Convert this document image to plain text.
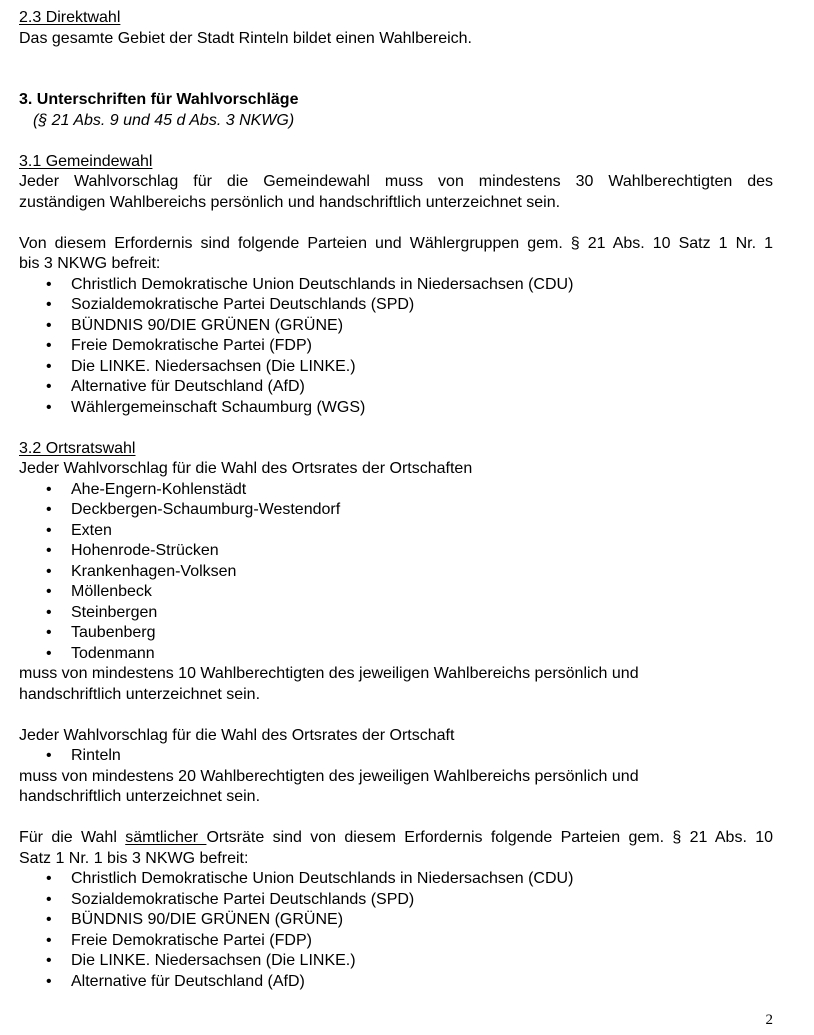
2.3 Direktwahl
Das gesamte Gebiet der Stadt Rinteln bildet einen Wahlbereich.
3. Unterschriften für Wahlvorschläge
(§ 21 Abs. 9 und 45 d Abs. 3 NKWG)
3.1 Gemeindewahl
Jeder Wahlvorschlag für die Gemeindewahl muss von mindestens 30 Wahlberechtigten des
zuständigen Wahlbereichs persönlich und handschriftlich unterzeichnet sein.
Von diesem Erfordernis sind folgende Parteien und Wählergruppen gem. § 21 Abs. 10 Satz 1 Nr. 1
bis 3 NKWG befreit:
•	Christlich Demokratische Union Deutschlands in Niedersachsen (CDU)
•	Sozialdemokratische Partei Deutschlands (SPD)
•	BÜNDNIS 90/DIE GRÜNEN (GRÜNE)
•	Freie Demokratische Partei (FDP)
•	Die LINKE. Niedersachsen (Die LINKE.)
•	Alternative für Deutschland (AfD)
•	Wählergemeinschaft Schaumburg (WGS)
3.2 Ortsratswahl
Jeder Wahlvorschlag für die Wahl des Ortsrates der Ortschaften
•	Ahe-Engern-Kohlenstädt
•	Deckbergen-Schaumburg-Westendorf
•	Exten
•	Hohenrode-Strücken
•	Krankenhagen-Volksen
•	Möllenbeck
•	Steinbergen
•	Taubenberg
•	Todenmann
muss von mindestens 10 Wahlberechtigten des jeweiligen Wahlbereichs persönlich und
handschriftlich unterzeichnet sein.
Jeder Wahlvorschlag für die Wahl des Ortsrates der Ortschaft
•	Rinteln
muss von mindestens 20 Wahlberechtigten des jeweiligen Wahlbereichs persönlich und
handschriftlich unterzeichnet sein.
Für die Wahl sämtlicher Ortsräte sind von diesem Erfordernis folgende Parteien gem. § 21 Abs. 10
Satz 1 Nr. 1 bis 3 NKWG befreit:
•	Christlich Demokratische Union Deutschlands in Niedersachsen (CDU)
•	Sozialdemokratische Partei Deutschlands (SPD)
•	BÜNDNIS 90/DIE GRÜNEN (GRÜNE)
•	Freie Demokratische Partei (FDP)
•	Die LINKE. Niedersachsen (Die LINKE.)
•	Alternative für Deutschland (AfD)
2
